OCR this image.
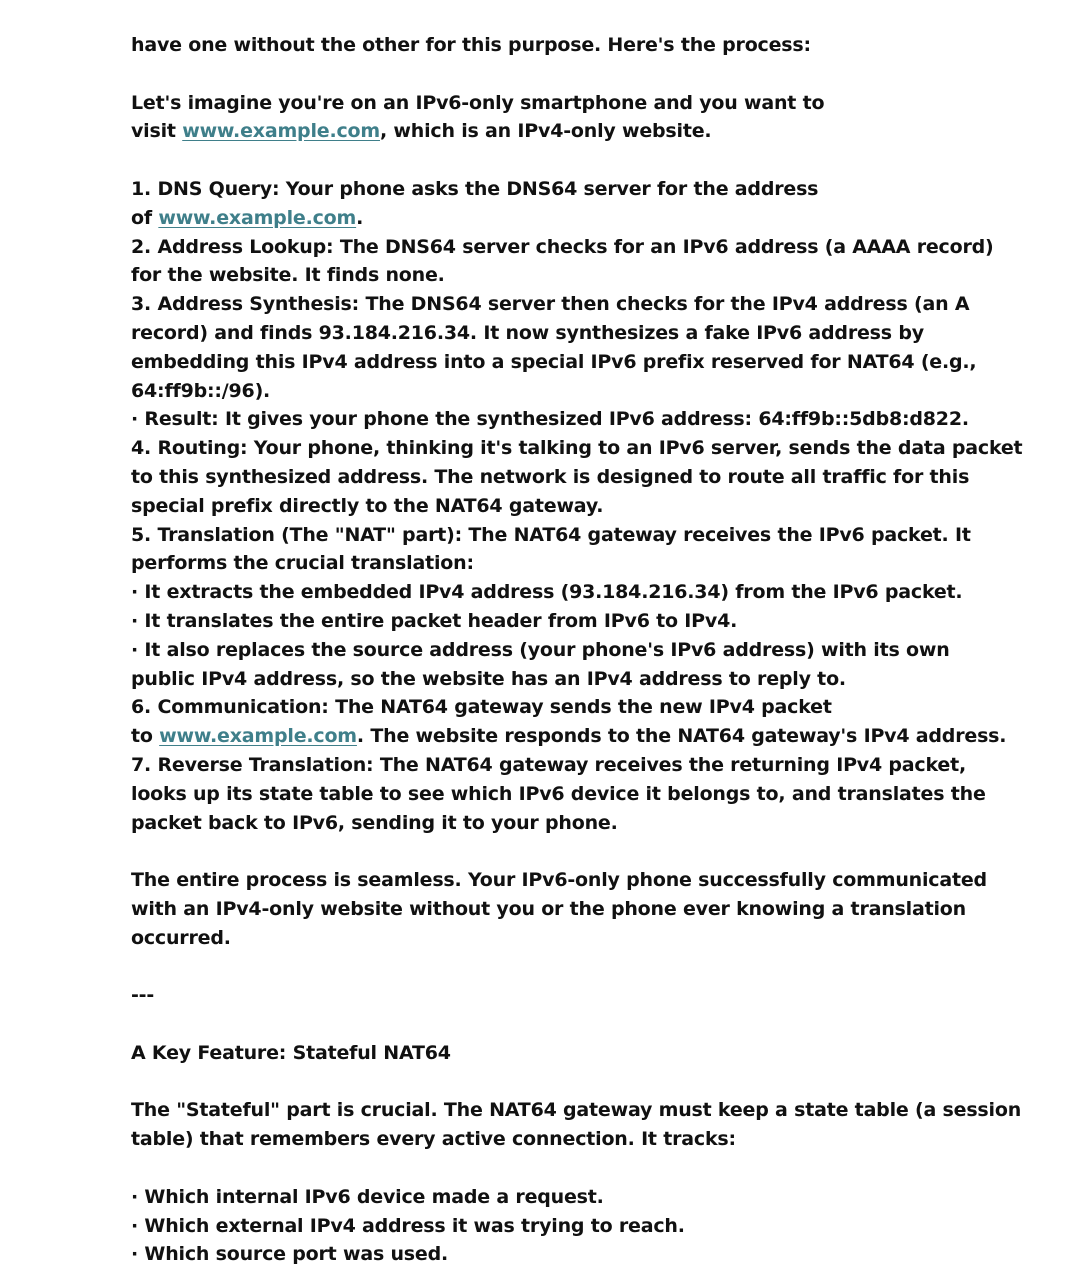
have one without the other for this purpose. Here's the process:
Let's imagine you're on an IPv6-only smartphone and you want to
visit www.example.com, which is an IPv4-only website.
1. DNS Query: Your phone asks the DNS64 server for the address
of www.example.com.
2. Address Lookup: The DNS64 server checks for an IPv6 address (a AAAA record)
for the website. It finds none.
3. Address Synthesis: The DNS64 server then checks for the IPv4 address (an A
record) and finds 93.184.216.34. It now synthesizes a fake IPv6 address by
embedding this IPv4 address into a special IPv6 prefix reserved for NAT64 (e.g.,
64:ff9b::/96).
· Result: It gives your phone the synthesized IPv6 address: 64:ff9b::5db8:d822.
4. Routing: Your phone, thinking it's talking to an IPv6 server, sends the data packet
to this synthesized address. The network is designed to route all traffic for this
special prefix directly to the NAT64 gateway.
5. Translation (The "NAT" part): The NAT64 gateway receives the IPv6 packet. It
performs the crucial translation:
· It extracts the embedded IPv4 address (93.184.216.34) from the IPv6 packet.
· It translates the entire packet header from IPv6 to IPv4.
· It also replaces the source address (your phone's IPv6 address) with its own
public IPv4 address, so the website has an IPv4 address to reply to.
6. Communication: The NAT64 gateway sends the new IPv4 packet
to www.example.com. The website responds to the NAT64 gateway's IPv4 address.
7. Reverse Translation: The NAT64 gateway receives the returning IPv4 packet,
looks up its state table to see which IPv6 device it belongs to, and translates the
packet back to IPv6, sending it to your phone.
The entire process is seamless. Your IPv6-only phone successfully communicated
with an IPv4-only website without you or the phone ever knowing a translation
occurred.
---
A Key Feature: Stateful NAT64
The "Stateful" part is crucial. The NAT64 gateway must keep a state table (a session
table) that remembers every active connection. It tracks:
· Which internal IPv6 device made a request.
· Which external IPv4 address it was trying to reach.
· Which source port was used.
